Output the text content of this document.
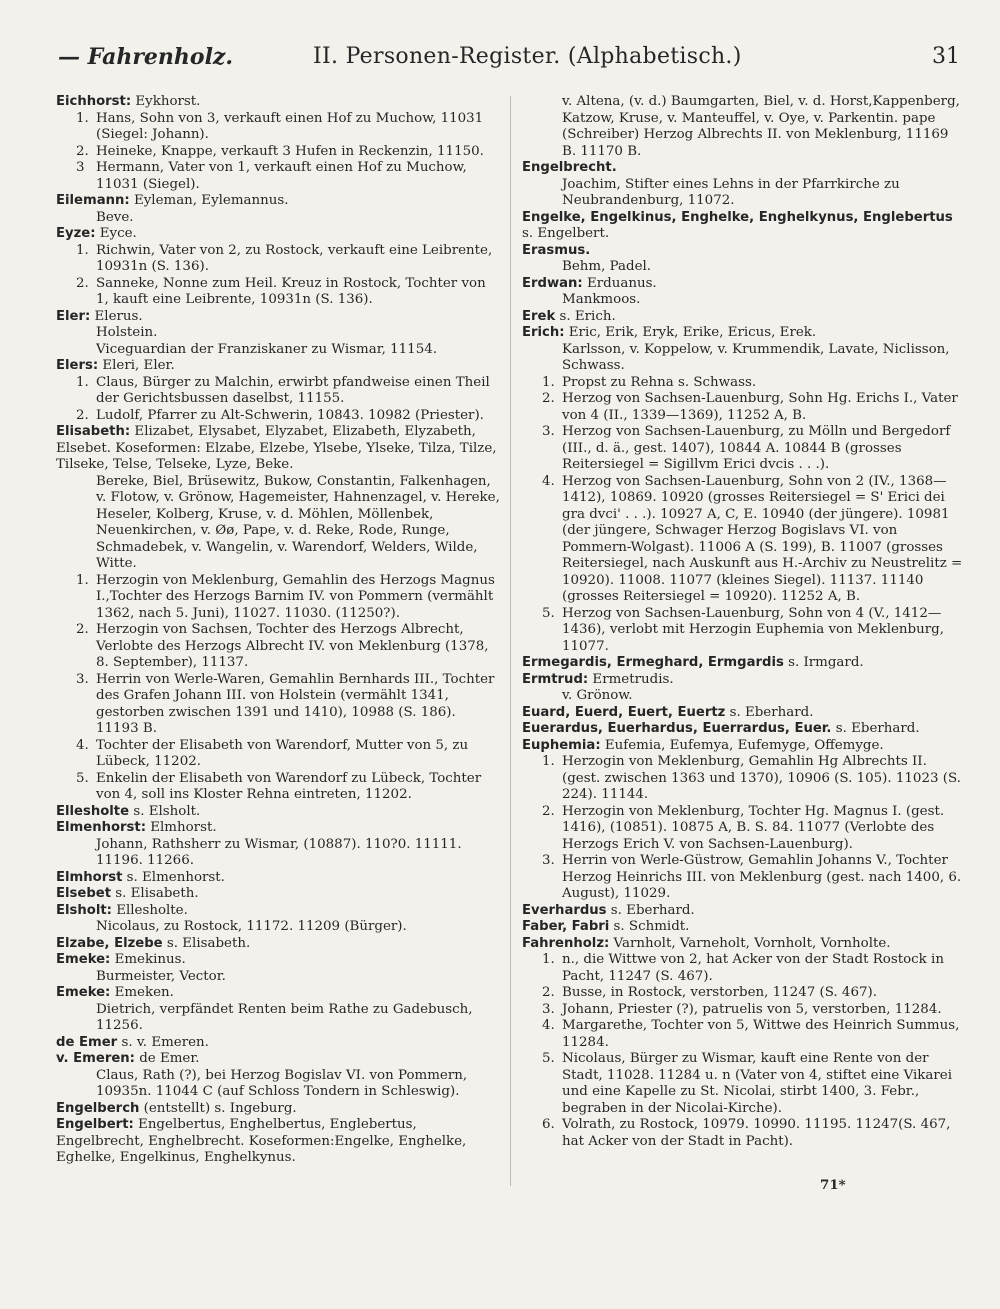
— Fahrenholz.	II. Personen-Register. (Alphabetisch.)	31
Eichhorst: Eykhorst.
1. Hans, Sohn von 3, verkauft einen Hof zu Muchow, 11031 (Siegel: Johann).
2. Heineke, Knappe, verkauft 3 Hufen in Reckenzin, 11150.
3 Hermann, Vater von 1, verkauft einen Hof zu Muchow, 11031 (Siegel).
Eilemann: Eyleman, Eylemannus.
Beve.
Eyze: Eyce.
1. Richwin, Vater von 2, zu Rostock, verkauft eine Leibrente, 10931n (S. 136).
2. Sanneke, Nonne zum Heil. Kreuz in Rostock, Tochter von 1, kauft eine Leibrente, 10931n (S. 136).
Eler: Elerus.
Holstein.
Viceguardian der Franziskaner zu Wismar, 11154.
Elers: Eleri, Eler.
1. Claus, Bürger zu Malchin, erwirbt pfandweise einen Theil der Gerichtsbussen daselbst, 11155.
2. Ludolf, Pfarrer zu Alt-Schwerin, 10843. 10982 (Priester).
Elisabeth: Elizabet, Elysabet, Elyzabet, Elizabeth, Elyzabeth, Elsebet. Koseformen: Elzabe, Elzebe, Ylsebe, Ylseke, Tilza, Tilze, Tilseke, Telse, Telseke, Lyze, Beke.
Bereke, Biel, Brüsewitz, Bukow, Constantin, Falkenhagen, v. Flotow, v. Grönow, Hagemeister, Hahnenzagel, v. Hereke, Heseler, Kolberg, Kruse, v. d. Möhlen, Möllenbek, Neuenkirchen, v. Øø, Pape, v. d. Reke, Rode, Runge, Schmadebek, v. Wangelin, v. Warendorf, Welders, Wilde, Witte.
1. Herzogin von Meklenburg, Gemahlin des Herzogs Magnus I.,Tochter des Herzogs Barnim IV. von Pommern (vermählt 1362, nach 5. Juni), 11027. 11030. (11250?).
2. Herzogin von Sachsen, Tochter des Herzogs Albrecht, Verlobte des Herzogs Albrecht IV. von Meklenburg (1378, 8. September), 11137.
3. Herrin von Werle-Waren, Gemahlin Bernhards III., Tochter des Grafen Johann III. von Holstein (vermählt 1341, gestorben zwischen 1391 und 1410), 10988 (S. 186). 11193 B.
4. Tochter der Elisabeth von Warendorf, Mutter von 5, zu Lübeck, 11202.
5. Enkelin der Elisabeth von Warendorf zu Lübeck, Tochter von 4, soll ins Kloster Rehna eintreten, 11202.
Ellesholte s. Elsholt.
Elmenhorst: Elmhorst.
Johann, Rathsherr zu Wismar, (10887). 110?0. 11111. 11196. 11266.
Elmhorst s. Elmenhorst.
Elsebet s. Elisabeth.
Elsholt: Ellesholte.
Nicolaus, zu Rostock, 11172. 11209 (Bürger).
Elzabe, Elzebe s. Elisabeth.
Emeke: Emekinus.
Burmeister, Vector.
Emeke: Emeken.
Dietrich, verpfändet Renten beim Rathe zu Gadebusch, 11256.
de Emer s. v. Emeren.
v. Emeren: de Emer.
Claus, Rath (?), bei Herzog Bogislav VI. von Pommern, 10935n. 11044 C (auf Schloss Tondern in Schleswig).
Engelberch (entstellt) s. Ingeburg.
Engelbert: Engelbertus, Enghelbertus, Englebertus, Engelbrecht, Enghelbrecht. Koseformen:Engelke, Enghelke, Eghelke, Engelkinus, Enghelkynus.
v. Altena, (v. d.) Baumgarten, Biel, v. d. Horst,Kappenberg, Katzow, Kruse, v. Manteuffel, v. Oye, v. Parkentin. pape (Schreiber) Herzog Albrechts II. von Meklenburg, 11169 B. 11170 B.
Engelbrecht.
Joachim, Stifter eines Lehns in der Pfarrkirche zu Neubrandenburg, 11072.
Engelke, Engelkinus, Enghelke, Enghelkynus, Englebertus s. Engelbert.
Erasmus.
Behm, Padel.
Erdwan: Erduanus.
Mankmoos.
Erek s. Erich.
Erich: Eric, Erik, Eryk, Erike, Ericus, Erek.
Karlsson, v. Koppelow, v. Krummendik, Lavate, Niclisson, Schwass.
1. Propst zu Rehna s. Schwass.
2. Herzog von Sachsen-Lauenburg, Sohn Hg. Erichs I., Vater von 4 (II., 1339—1369), 11252 A, B.
3. Herzog von Sachsen-Lauenburg, zu Mölln und Bergedorf (III., d. ä., gest. 1407), 10844 A. 10844 B (grosses Reitersiegel = Sigillvm Erici dvcis . . .).
4. Herzog von Sachsen-Lauenburg, Sohn von 2 (IV., 1368—1412), 10869. 10920 (grosses Reitersiegel = S' Erici dei gra dvci' . . .). 10927 A, C, E. 10940 (der jüngere). 10981 (der jüngere, Schwager Herzog Bogislavs VI. von Pommern-Wolgast). 11006 A (S. 199), B. 11007 (grosses Reitersiegel, nach Auskunft aus H.-Archiv zu Neustrelitz = 10920). 11008. 11077 (kleines Siegel). 11137. 11140 (grosses Reitersiegel = 10920). 11252 A, B.
5. Herzog von Sachsen-Lauenburg, Sohn von 4 (V., 1412—1436), verlobt mit Herzogin Euphemia von Meklenburg, 11077.
Ermegardis, Ermeghard, Ermgardis s. Irmgard.
Ermtrud: Ermetrudis.
v. Grönow.
Euard, Euerd, Euert, Euertz s. Eberhard.
Euerardus, Euerhardus, Euerrardus, Euer. s. Eberhard.
Euphemia: Eufemia, Eufemya, Eufemyge, Offemyge.
1. Herzogin von Meklenburg, Gemahlin Hg Albrechts II. (gest. zwischen 1363 und 1370), 10906 (S. 105). 11023 (S. 224). 11144.
2. Herzogin von Meklenburg, Tochter Hg. Magnus I. (gest. 1416), (10851). 10875 A, B. S. 84. 11077 (Verlobte des Herzogs Erich V. von Sachsen-Lauenburg).
3. Herrin von Werle-Güstrow, Gemahlin Johanns V., Tochter Herzog Heinrichs III. von Meklenburg (gest. nach 1400, 6. August), 11029.
Everhardus s. Eberhard.
Faber, Fabri s. Schmidt.
Fahrenholz: Varnholt, Varneholt, Vornholt, Vornholte.
1. n., die Wittwe von 2, hat Acker von der Stadt Rostock in Pacht, 11247 (S. 467).
2. Busse, in Rostock, verstorben, 11247 (S. 467).
3. Johann, Priester (?), patruelis von 5, verstorben, 11284.
4. Margarethe, Tochter von 5, Wittwe des Heinrich Summus, 11284.
5. Nicolaus, Bürger zu Wismar, kauft eine Rente von der Stadt, 11028. 11284 u. n (Vater von 4, stiftet eine Vikarei und eine Kapelle zu St. Nicolai, stirbt 1400, 3. Febr., begraben in der Nicolai-Kirche).
6. Volrath, zu Rostock, 10979. 10990. 11195. 11247(S. 467, hat Acker von der Stadt in Pacht).
71*
